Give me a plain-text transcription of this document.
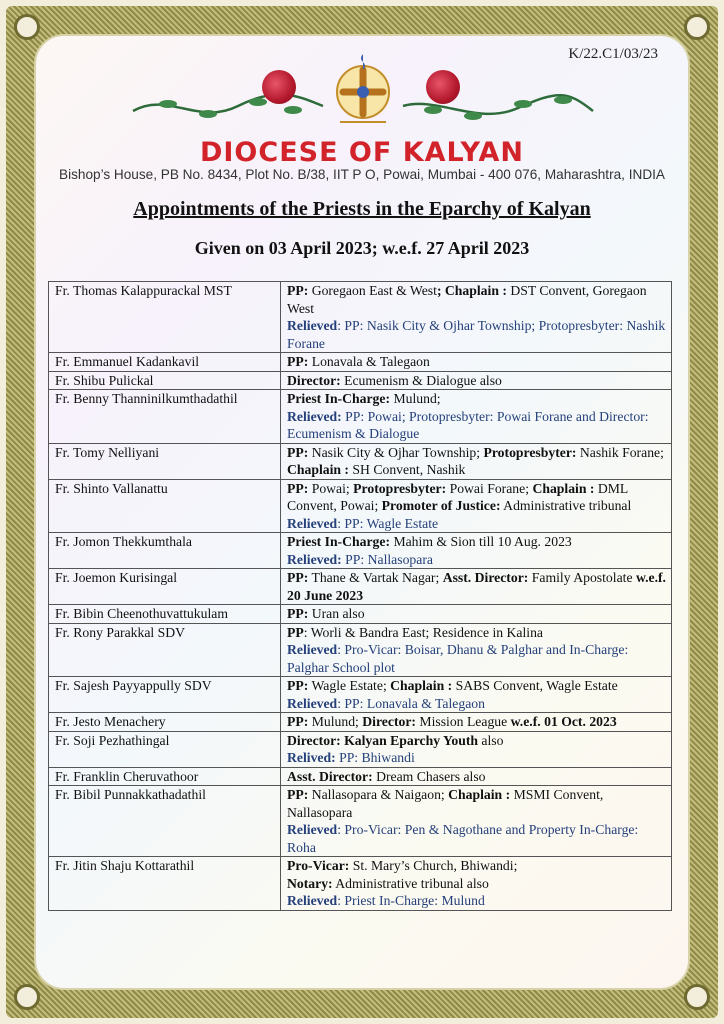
K/22.C1/03/23
DIOCESE OF KALYAN
Bishop’s House, PB No. 8434, Plot No. B/38, IIT P O, Powai, Mumbai - 400 076, Maharashtra, INDIA
Appointments of the Priests in the Eparchy of Kalyan
Given on 03 April 2023; w.e.f. 27 April 2023
Fr. Thomas Kalappurackal MST	PP: Goregaon East & West; Chaplain : DST Convent, Goregaon West
Relieved: PP: Nasik City & Ojhar Township; Protopresbyter: Nashik Forane
Fr. Emmanuel Kadankavil	PP: Lonavala & Talegaon
Fr. Shibu Pulickal	Director: Ecumenism & Dialogue also
Fr. Benny Thanninilkumthadathil	Priest In-Charge: Mulund;
Relieved: PP: Powai; Protopresbyter: Powai Forane and Director: Ecumenism & Dialogue
Fr. Tomy Nelliyani	PP: Nasik City & Ojhar Township; Protopresbyter: Nashik Forane; Chaplain : SH Convent, Nashik
Fr. Shinto Vallanattu	PP: Powai; Protopresbyter: Powai Forane; Chaplain : DML Convent, Powai; Promoter of Justice: Administrative tribunal
Relieved: PP: Wagle Estate
Fr. Jomon Thekkumthala	Priest In-Charge: Mahim & Sion till 10 Aug. 2023
Relieved: PP: Nallasopara
Fr. Joemon Kurisingal	PP: Thane & Vartak Nagar; Asst. Director: Family Apostolate w.e.f. 20 June 2023
Fr. Bibin Cheenothuvattukulam	PP: Uran also
Fr. Rony Parakkal SDV	PP: Worli & Bandra East; Residence in Kalina
Relieved: Pro-Vicar: Boisar, Dhanu & Palghar and In-Charge: Palghar School plot
Fr. Sajesh Payyappully SDV	PP: Wagle Estate; Chaplain : SABS Convent, Wagle Estate
Relieved: PP: Lonavala & Talegaon
Fr. Jesto Menachery	PP: Mulund; Director: Mission League w.e.f. 01 Oct. 2023
Fr. Soji Pezhathingal	Director: Kalyan Eparchy Youth also
Relived: PP: Bhiwandi
Fr. Franklin Cheruvathoor	Asst. Director: Dream Chasers also
Fr. Bibil Punnakkathadathil	PP: Nallasopara & Naigaon; Chaplain : MSMI Convent, Nallasopara
Relieved: Pro-Vicar: Pen & Nagothane and Property In-Charge: Roha
Fr. Jitin Shaju Kottarathil	Pro-Vicar: St. Mary’s Church, Bhiwandi;
Notary: Administrative tribunal also
Relieved: Priest In-Charge: Mulund
